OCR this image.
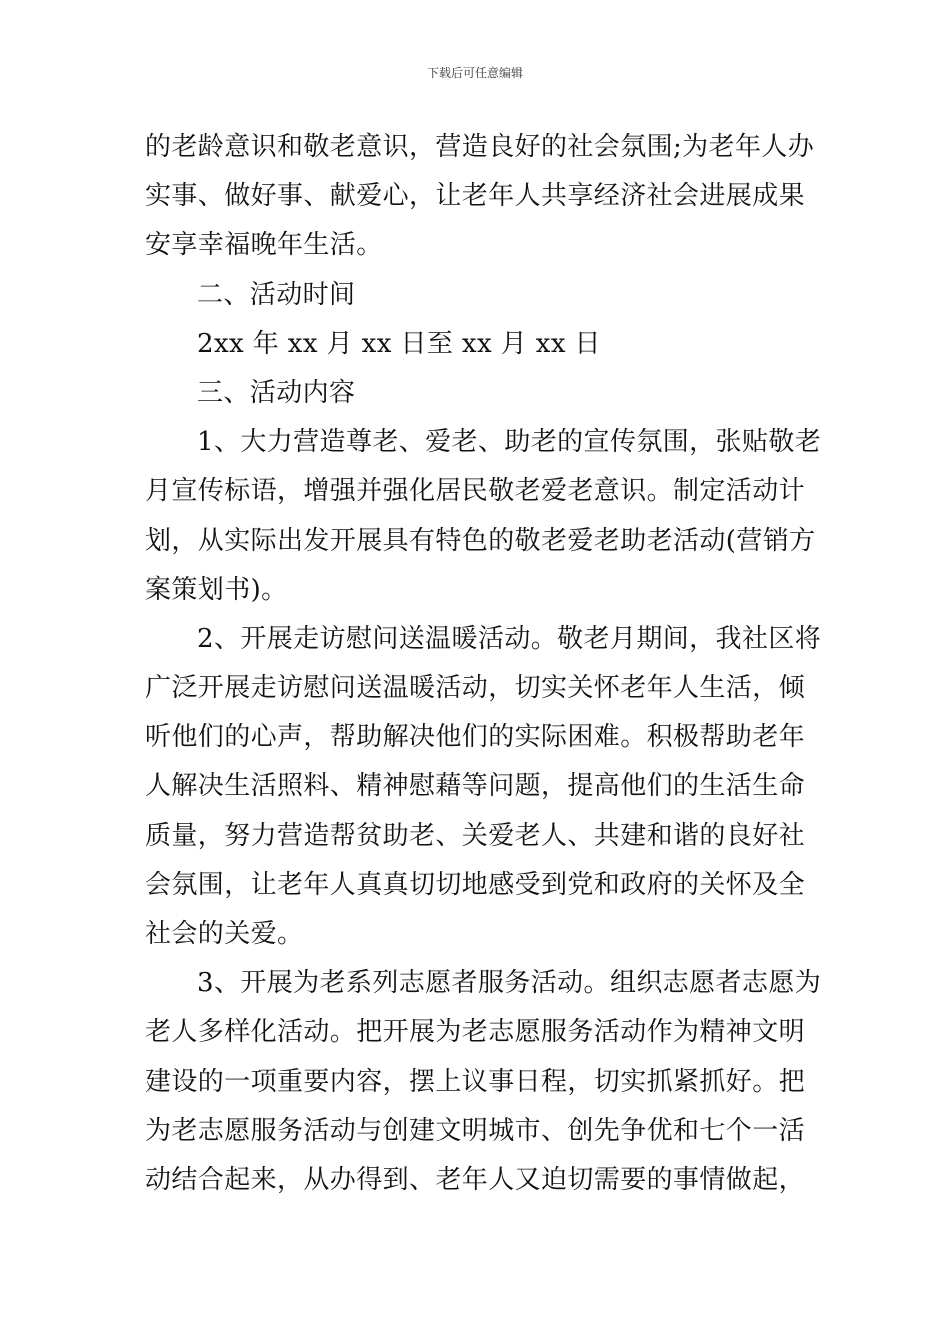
下载后可任意编辑
的老龄意识和敬老意识，营造良好的社会氛围;为老年人办
实事、做好事、献爱心，让老年人共享经济社会进展成果
安享幸福晚年生活。
二、活动时间
2xx 年 xx 月 xx 日至 xx 月 xx 日
三、活动内容
1、大力营造尊老、爱老、助老的宣传氛围，张贴敬老
月宣传标语，增强并强化居民敬老爱老意识。制定活动计
划，从实际出发开展具有特色的敬老爱老助老活动(营销方
案策划书)。
2、开展走访慰问送温暖活动。敬老月期间，我社区将
广泛开展走访慰问送温暖活动，切实关怀老年人生活，倾
听他们的心声，帮助解决他们的实际困难。积极帮助老年
人解决生活照料、精神慰藉等问题，提高他们的生活生命
质量，努力营造帮贫助老、关爱老人、共建和谐的良好社
会氛围，让老年人真真切切地感受到党和政府的关怀及全
社会的关爱。
3、开展为老系列志愿者服务活动。组织志愿者志愿为
老人多样化活动。把开展为老志愿服务活动作为精神文明
建设的一项重要内容，摆上议事日程，切实抓紧抓好。把
为老志愿服务活动与创建文明城市、创先争优和七个一活
动结合起来，从办得到、老年人又迫切需要的事情做起，
